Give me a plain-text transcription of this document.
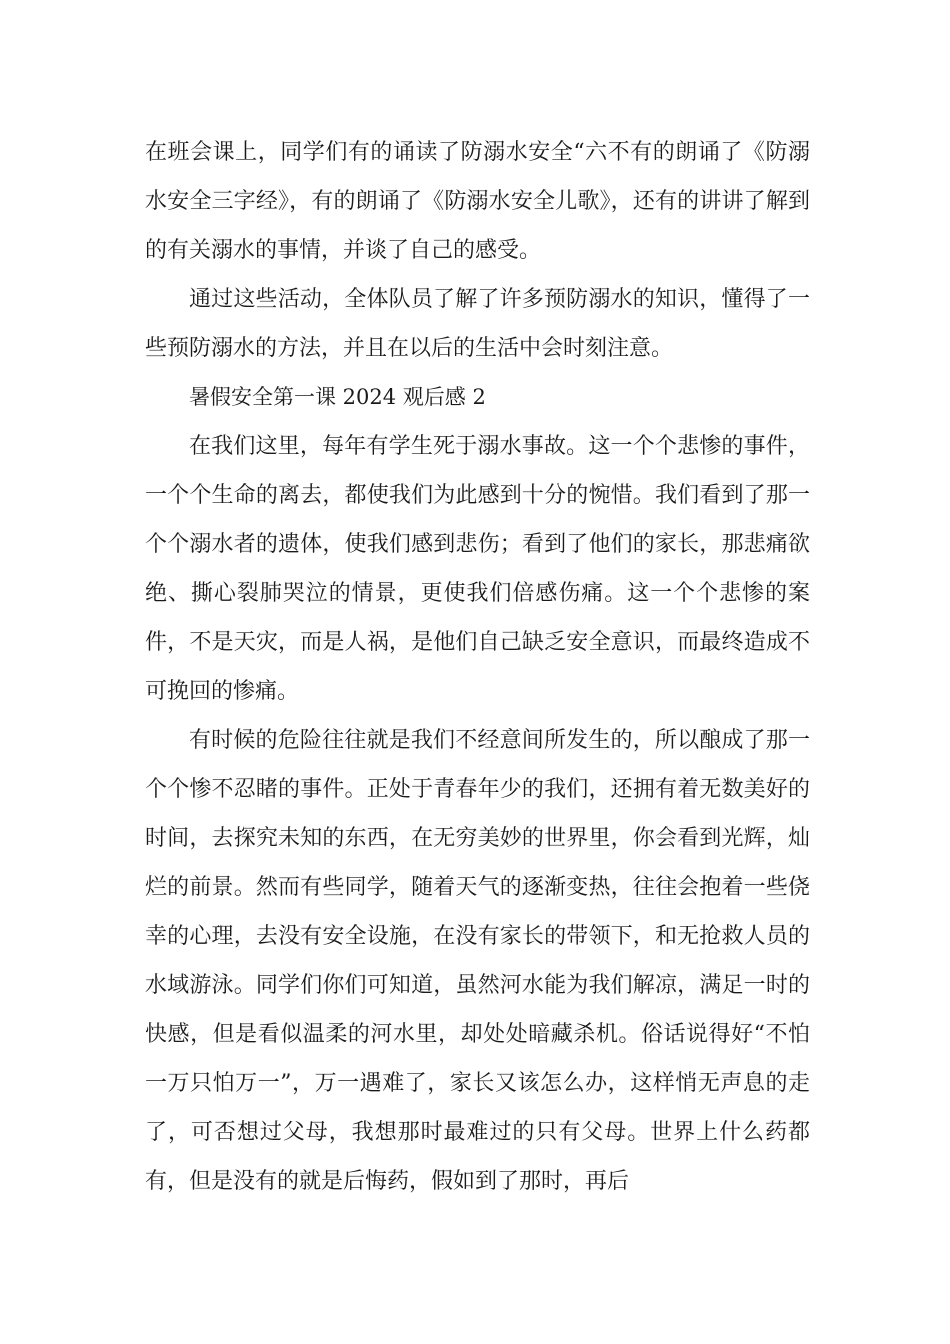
在班会课上，同学们有的诵读了防溺水安全“六不有的朗诵了《防溺水安全三字经》，有的朗诵了《防溺水安全儿歌》，还有的讲讲了解到的有关溺水的事情，并谈了自己的感受。

通过这些活动，全体队员了解了许多预防溺水的知识，懂得了一些预防溺水的方法，并且在以后的生活中会时刻注意。

暑假安全第一课 2024 观后感 2

在我们这里，每年有学生死于溺水事故。这一个个悲惨的事件，一个个生命的离去，都使我们为此感到十分的惋惜。我们看到了那一个个溺水者的遗体，使我们感到悲伤；看到了他们的家长，那悲痛欲绝、撕心裂肺哭泣的情景，更使我们倍感伤痛。这一个个悲惨的案件，不是天灾，而是人祸，是他们自己缺乏安全意识，而最终造成不可挽回的惨痛。

有时候的危险往往就是我们不经意间所发生的，所以酿成了那一个个惨不忍睹的事件。正处于青春年少的我们，还拥有着无数美好的时间，去探究未知的东西，在无穷美妙的世界里，你会看到光辉，灿烂的前景。然而有些同学，随着天气的逐渐变热，往往会抱着一些侥幸的心理，去没有安全设施，在没有家长的带领下，和无抢救人员的水域游泳。同学们你们可知道，虽然河水能为我们解凉，满足一时的快感，但是看似温柔的河水里，却处处暗藏杀机。俗话说得好“不怕一万只怕万一”，万一遇难了，家长又该怎么办，这样悄无声息的走了，可否想过父母，我想那时最难过的只有父母。世界上什么药都有，但是没有的就是后悔药，假如到了那时，再后
